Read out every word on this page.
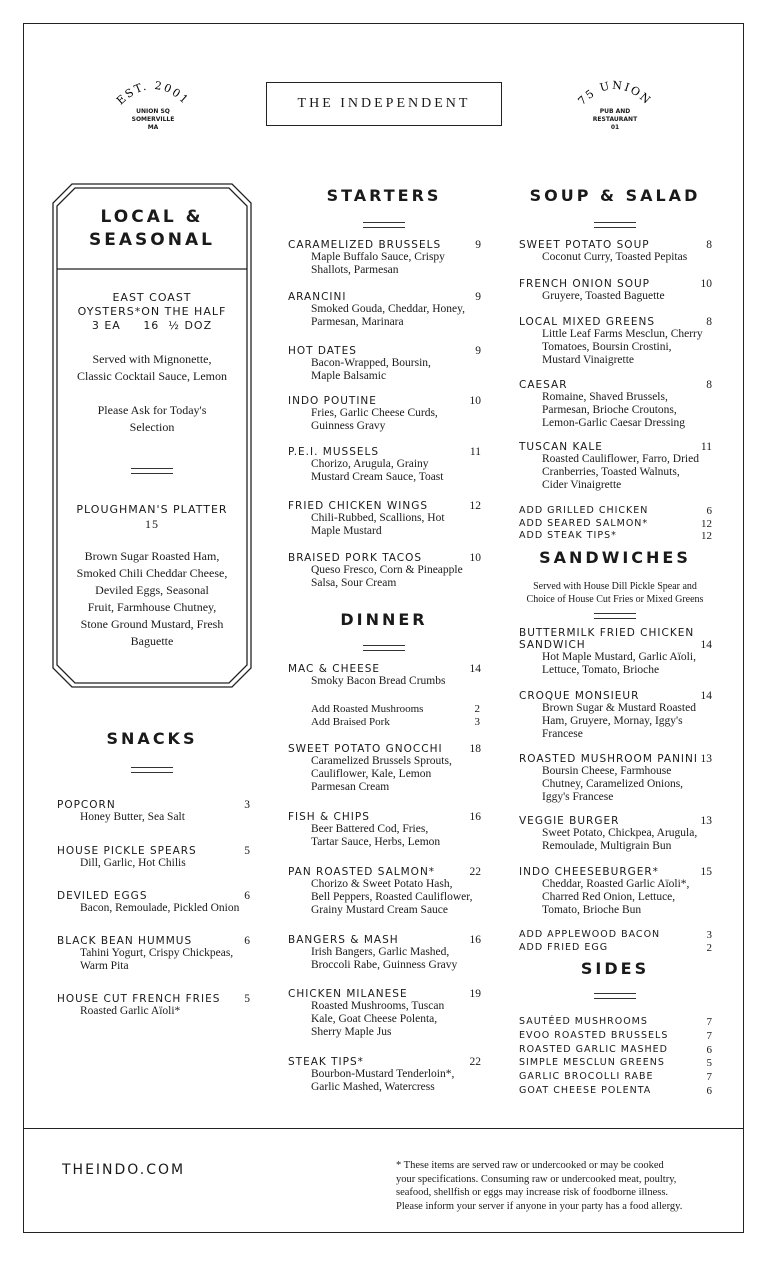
EST. 2001
UNION SQ
SOMERVILLE
MA
THE INDEPENDENT	75 UNION
PUB AND
RESTAURANT
01
LOCAL &
SEASONAL
EAST COAST
OYSTERS*ON THE HALF
3 EA     16  ½ DOZ
Served with Mignonette,
Classic Cocktail Sauce, Lemon
Please Ask for Today's
Selection
PLOUGHMAN'S PLATTER
15
Brown Sugar Roasted Ham,
Smoked Chili Cheddar Cheese,
Deviled Eggs, Seasonal
Fruit, Farmhouse Chutney,
Stone Ground Mustard, Fresh
Baguette
SNACKS
POPCORN	3
Honey Butter, Sea Salt
HOUSE PICKLE SPEARS	5
Dill, Garlic, Hot Chilis
DEVILED EGGS	6
Bacon, Remoulade, Pickled Onion
BLACK BEAN HUMMUS	6
Tahini Yogurt, Crispy Chickpeas,
Warm Pita
HOUSE CUT FRENCH FRIES	5
Roasted Garlic Aïoli*
STARTERS
CARAMELIZED BRUSSELS	9
Maple Buffalo Sauce, Crispy
Shallots, Parmesan
ARANCINI	9
Smoked Gouda, Cheddar, Honey,
Parmesan, Marinara
HOT DATES	9
Bacon-Wrapped, Boursin,
Maple Balsamic
INDO POUTINE	10
Fries, Garlic Cheese Curds,
Guinness Gravy
P.E.I. MUSSELS	11
Chorizo, Arugula, Grainy
Mustard Cream Sauce, Toast
FRIED CHICKEN WINGS	12
Chili-Rubbed, Scallions, Hot
Maple Mustard
BRAISED PORK TACOS	10
Queso Fresco, Corn & Pineapple
Salsa, Sour Cream
DINNER
MAC & CHEESE	14
Smoky Bacon Bread Crumbs
SWEET POTATO GNOCCHI	18
Caramelized Brussels Sprouts,
Cauliflower, Kale, Lemon
Parmesan Cream
FISH & CHIPS	16
Beer Battered Cod, Fries,
Tartar Sauce, Herbs, Lemon
PAN ROASTED SALMON*	22
Chorizo & Sweet Potato Hash,
Bell Peppers, Roasted Cauliflower,
Grainy Mustard Cream Sauce
BANGERS & MASH	16
Irish Bangers, Garlic Mashed,
Broccoli Rabe, Guinness Gravy
CHICKEN MILANESE	19
Roasted Mushrooms, Tuscan
Kale, Goat Cheese Polenta,
Sherry Maple Jus
STEAK TIPS*	22
Bourbon-Mustard Tenderloin*,
Garlic Mashed, Watercress
Add Roasted Mushrooms	2
Add Braised Pork	3
SOUP & SALAD
SWEET POTATO SOUP	8
Coconut Curry, Toasted Pepitas
FRENCH ONION SOUP	10
Gruyere, Toasted Baguette
LOCAL MIXED GREENS	8
Little Leaf Farms Mesclun, Cherry
Tomatoes, Boursin Crostini,
Mustard Vinaigrette
CAESAR	8
Romaine, Shaved Brussels,
Parmesan, Brioche Croutons,
Lemon-Garlic Caesar Dressing
TUSCAN KALE	11
Roasted Cauliflower, Farro, Dried
Cranberries, Toasted Walnuts,
Cider Vinaigrette
ADD GRILLED CHICKEN	6
ADD SEARED SALMON*	12
ADD STEAK TIPS*	12
SANDWICHES
Served with House Dill Pickle Spear and
Choice of House Cut Fries or Mixed Greens
BUTTERMILK FRIED CHICKEN
SANDWICH	14
Hot Maple Mustard, Garlic Aïoli,
Lettuce, Tomato, Brioche
CROQUE MONSIEUR	14
Brown Sugar & Mustard Roasted
Ham, Gruyere, Mornay, Iggy's
Francese
ROASTED MUSHROOM PANINI 13
Boursin Cheese, Farmhouse
Chutney, Caramelized Onions,
Iggy's Francese
VEGGIE BURGER	13
Sweet Potato, Chickpea, Arugula,
Remoulade, Multigrain Bun
INDO CHEESEBURGER*	15
Cheddar, Roasted Garlic Aïoli*,
Charred Red Onion, Lettuce,
Tomato, Brioche Bun
ADD APPLEWOOD BACON	3
ADD FRIED EGG	2
SIDES
SAUTÉED MUSHROOMS	7
EVOO ROASTED BRUSSELS	7
ROASTED GARLIC MASHED	6
SIMPLE MESCLUN GREENS	5
GARLIC BROCOLLI RABE	7
GOAT CHEESE POLENTA	6
THEINDO.COM	* These items are served raw or undercooked or may be cooked
your specifications. Consuming raw or undercooked meat, poultry,
seafood, shellfish or eggs may increase risk of foodborne illness.
Please inform your server if anyone in your party has a food allergy.
